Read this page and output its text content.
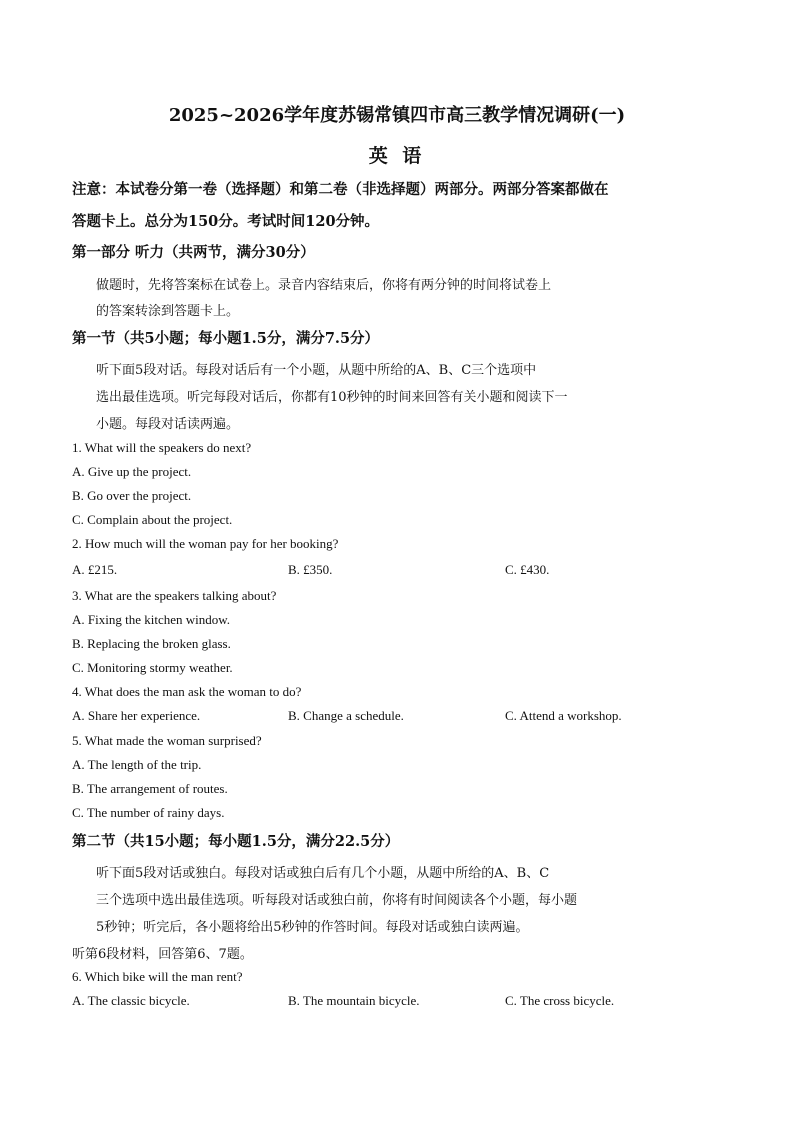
2025~2026学年度苏锡常镇四市高三教学情况调研(一)
英 语
注意：本试卷分第一卷（选择题）和第二卷（非选择题）两部分。两部分答案都做在
答题卡上。总分为150分。考试时间120分钟。
第一部分 听力（共两节，满分30分）
做题时，先将答案标在试卷上。录音内容结束后，你将有两分钟的时间将试卷上
的答案转涂到答题卡上。
第一节（共5小题；每小题1.5分，满分7.5分）
听下面5段对话。每段对话后有一个小题，从题中所给的A、B、C三个选项中
选出最佳选项。听完每段对话后，你都有10秒钟的时间来回答有关小题和阅读下一
小题。每段对话读两遍。
1. What will the speakers do next?
A. Give up the project.
B. Go over the project.
C. Complain about the project.
2. How much will the woman pay for her booking?
A. £215.	B. £350.	C. £430.
3. What are the speakers talking about?
A. Fixing the kitchen window.
B. Replacing the broken glass.
C. Monitoring stormy weather.
4. What does the man ask the woman to do?
A. Share her experience.	B. Change a schedule.	C. Attend a workshop.
5. What made the woman surprised?
A. The length of the trip.
B. The arrangement of routes.
C. The number of rainy days.
第二节（共15小题；每小题1.5分，满分22.5分）
听下面5段对话或独白。每段对话或独白后有几个小题，从题中所给的A、B、C
三个选项中选出最佳选项。听每段对话或独白前，你将有时间阅读各个小题，每小题
5秒钟；听完后，各小题将给出5秒钟的作答时间。每段对话或独白读两遍。
听第6段材料，回答第6、7题。
6. Which bike will the man rent?
A. The classic bicycle.	B. The mountain bicycle.	C. The cross bicycle.
